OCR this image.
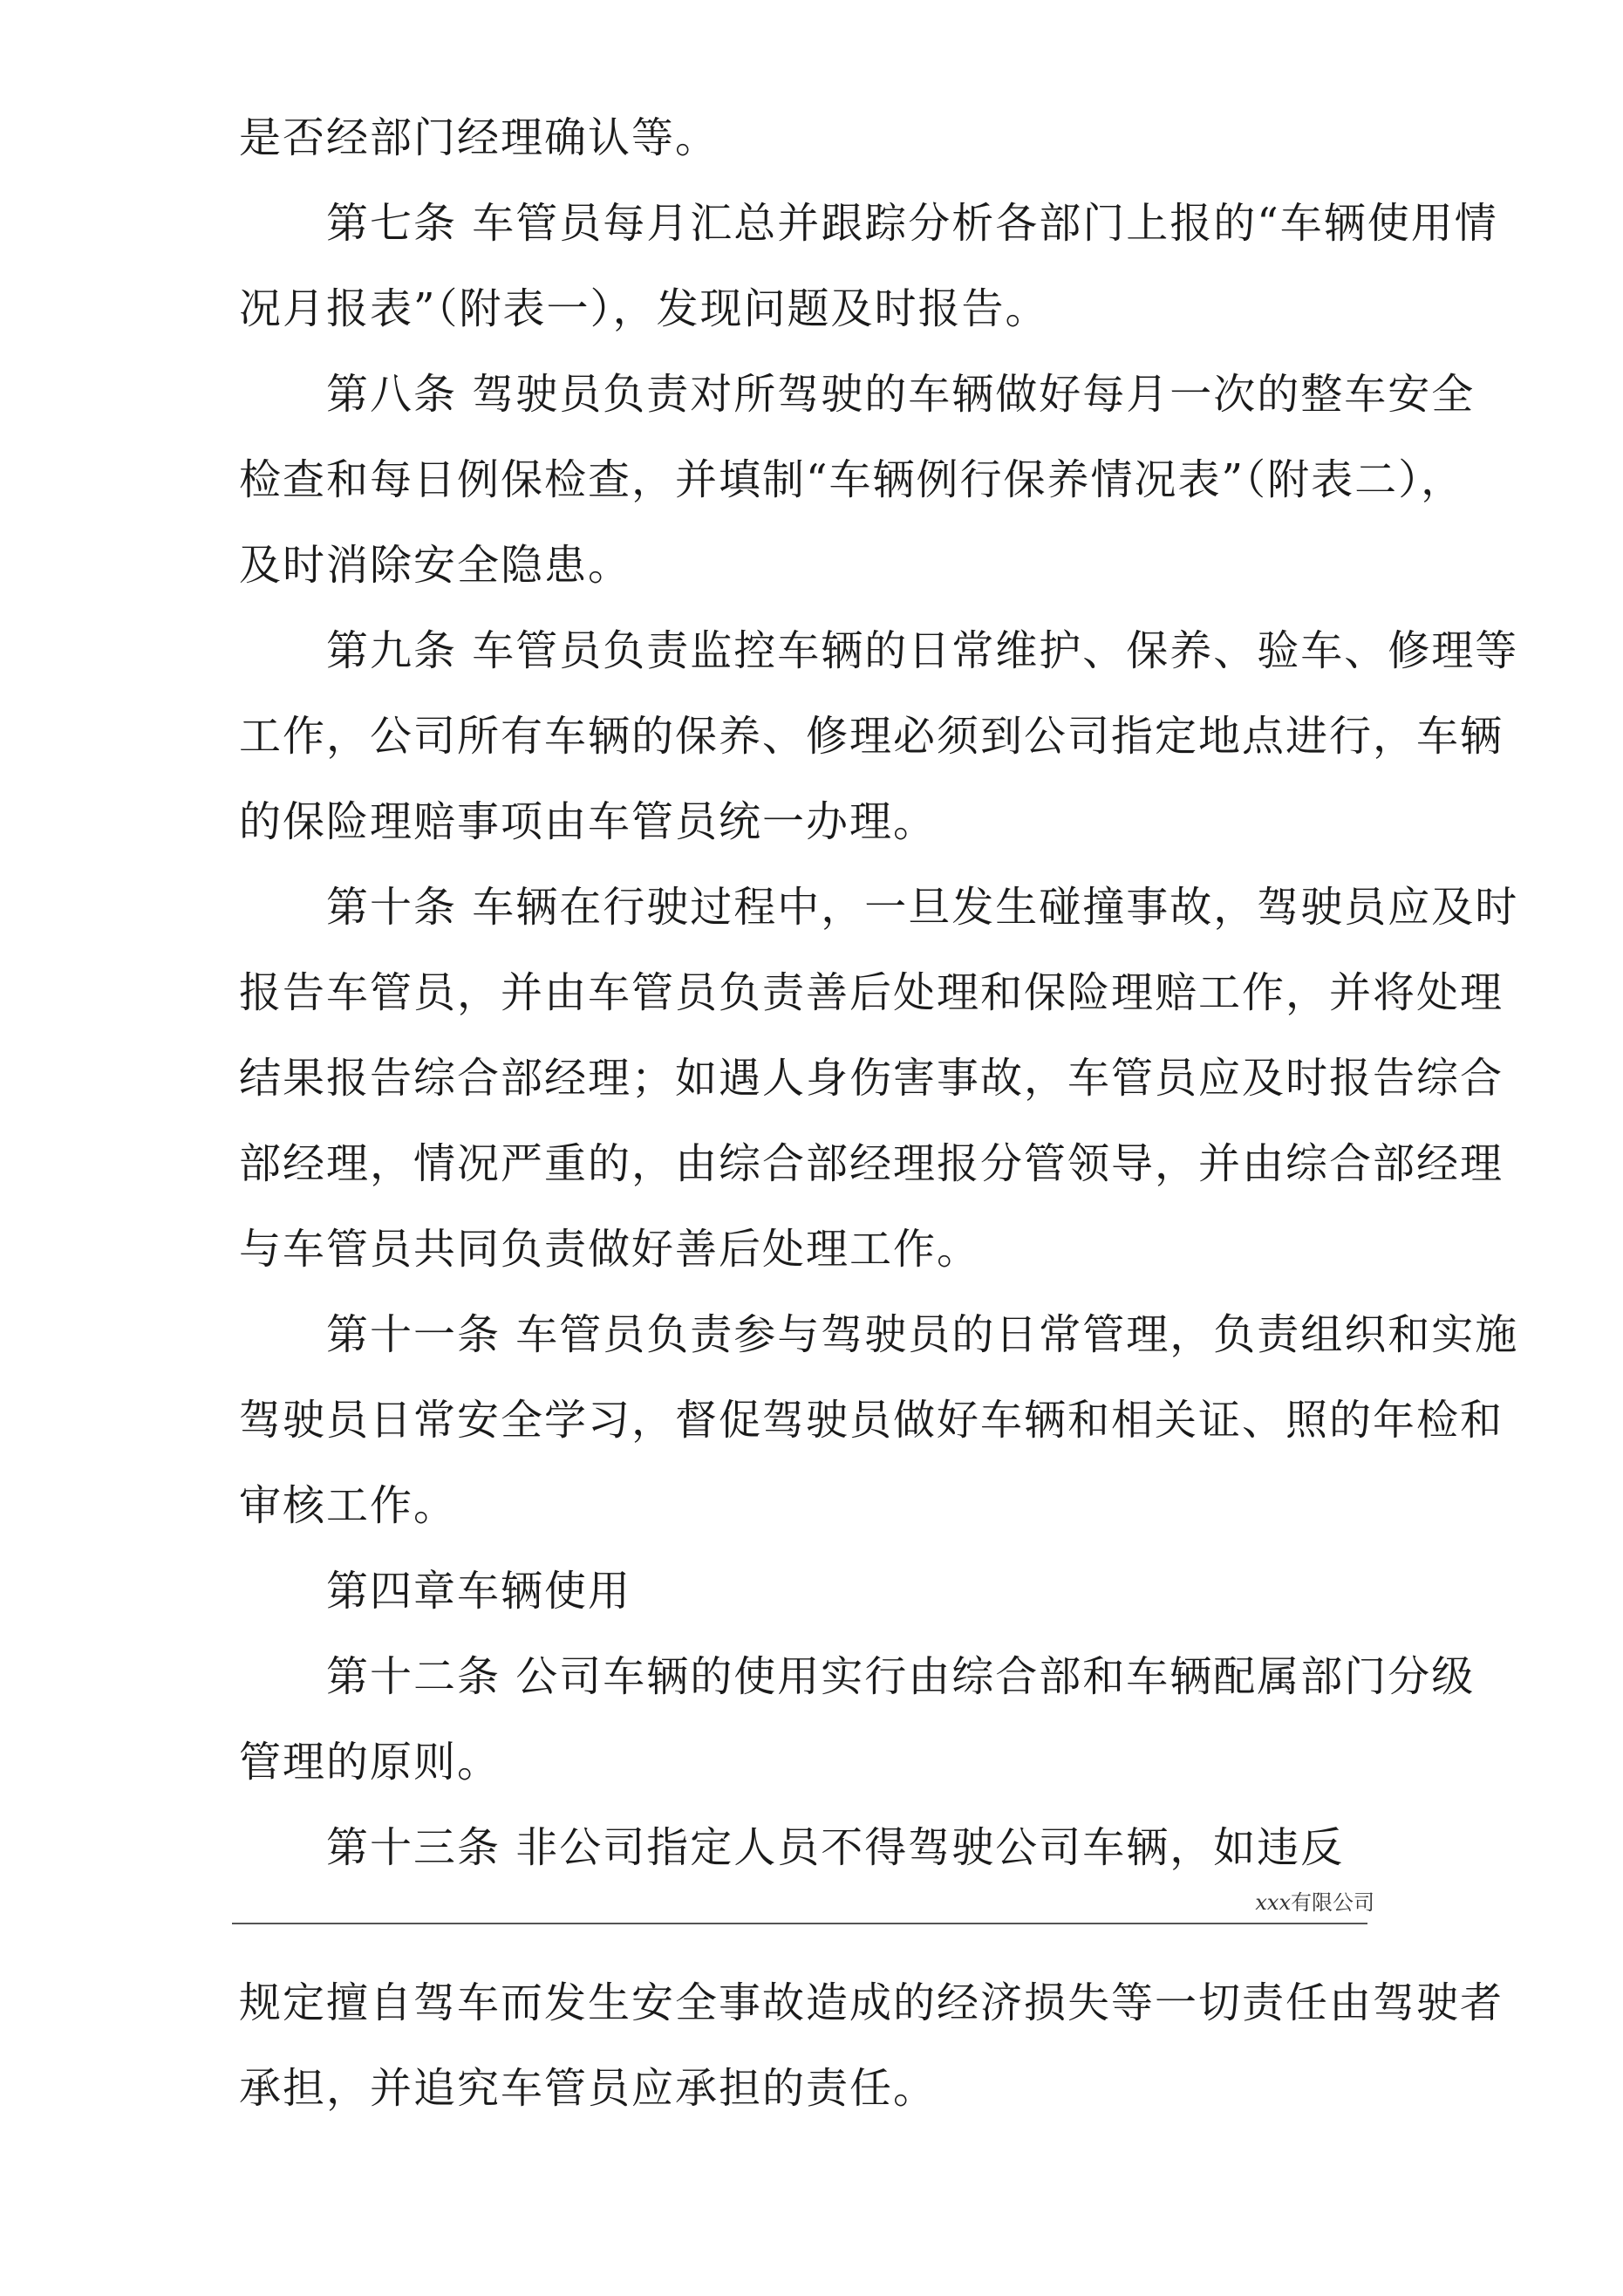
是否经部门经理确认等。
第七条 车管员每月汇总并跟踪分析各部门上报的“车辆使用情
况月报表”（附表一），发现问题及时报告。
第八条 驾驶员负责对所驾驶的车辆做好每月一次的整车安全
检查和每日例保检查，并填制“车辆例行保养情况表”（附表二），
及时消除安全隐患。
第九条 车管员负责监控车辆的日常维护、保养、验车、修理等
工作，公司所有车辆的保养、修理必须到公司指定地点进行，车辆
的保险理赔事项由车管员统一办理。
第十条 车辆在行驶过程中，一旦发生碰撞事故，驾驶员应及时
报告车管员，并由车管员负责善后处理和保险理赔工作，并将处理
结果报告综合部经理；如遇人身伤害事故，车管员应及时报告综合
部经理，情况严重的，由综合部经理报分管领导，并由综合部经理
与车管员共同负责做好善后处理工作。
第十一条 车管员负责参与驾驶员的日常管理，负责组织和实施
驾驶员日常安全学习，督促驾驶员做好车辆和相关证、照的年检和
审核工作。
第四章车辆使用
第十二条 公司车辆的使用实行由综合部和车辆配属部门分级
管理的原则。
第十三条 非公司指定人员不得驾驶公司车辆，如违反
xxx有限公司
规定擅自驾车而发生安全事故造成的经济损失等一切责任由驾驶者
承担，并追究车管员应承担的责任。
